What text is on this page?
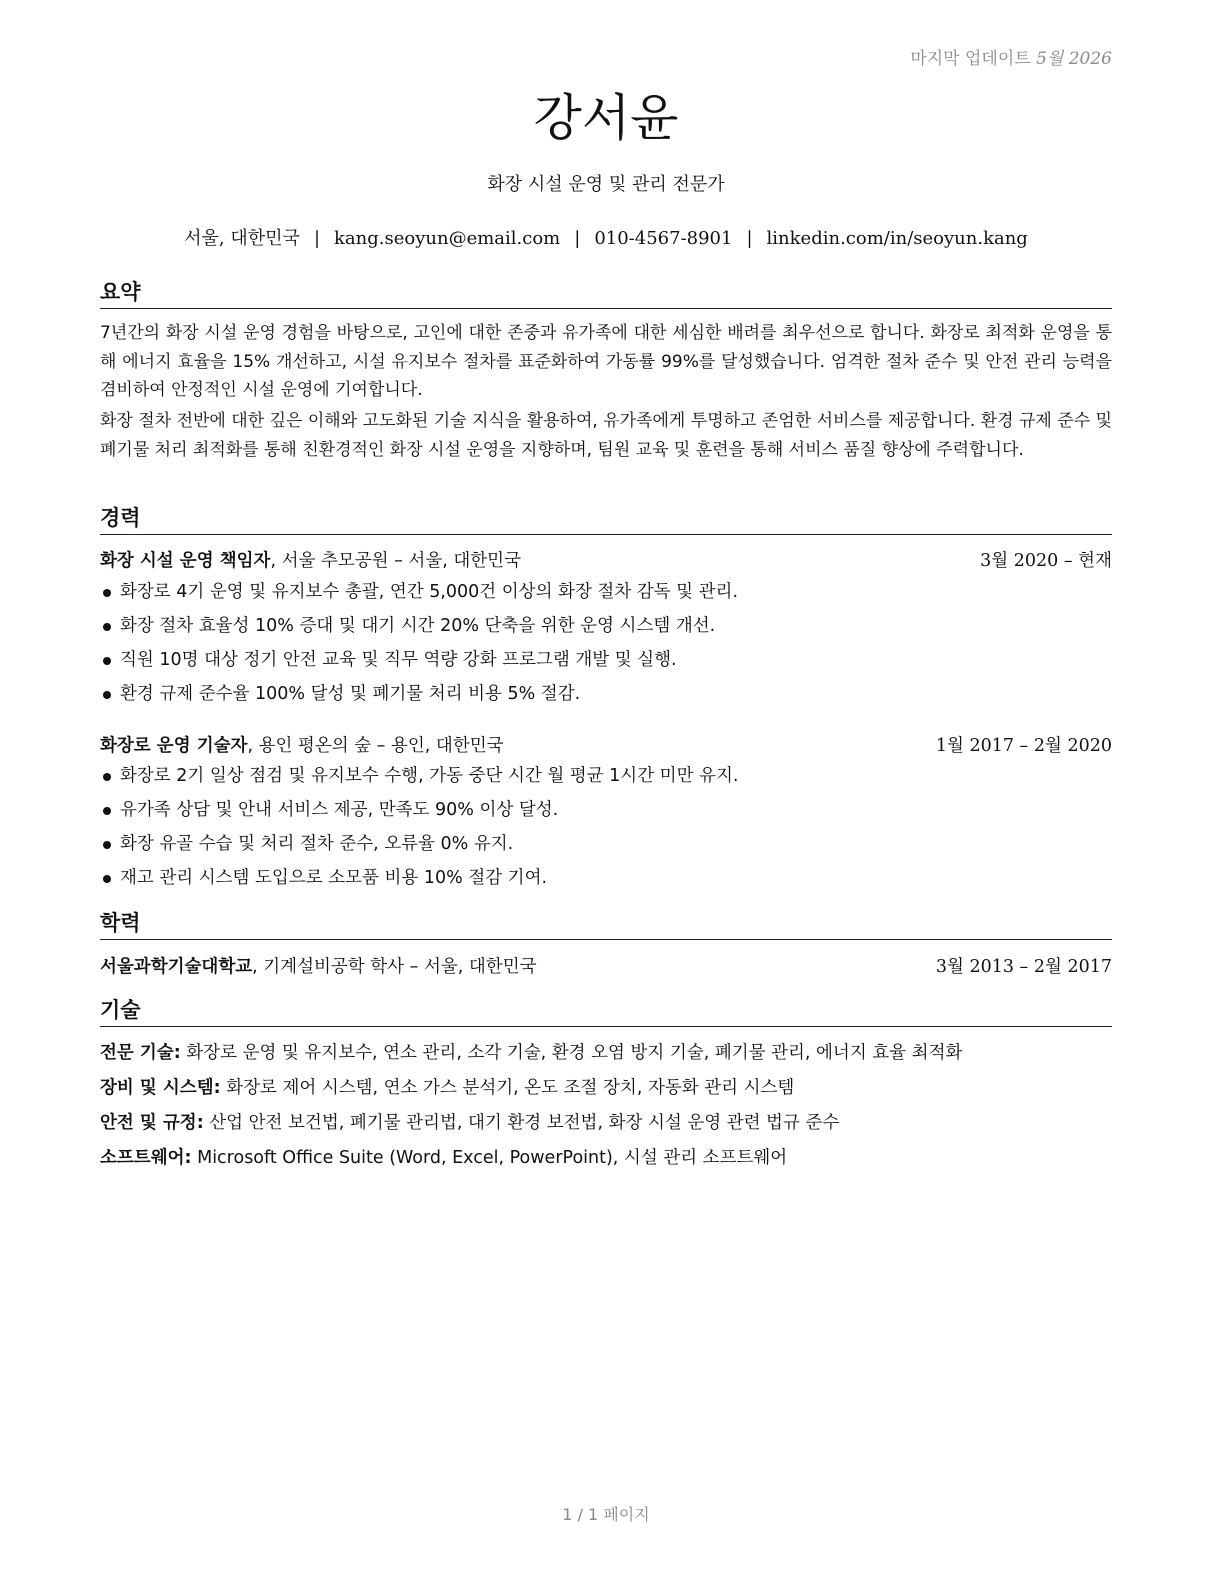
마지막 업데이트 5월 2026
강서윤
화장 시설 운영 및 관리 전문가
서울, 대한민국 | kang.seoyun@email.com | 010-4567-8901 | linkedin.com/in/seoyun.kang
요약

7년간의 화장 시설 운영 경험을 바탕으로, 고인에 대한 존중과 유가족에 대한 세심한 배려를 최우선으로 합니다. 화장로 최적화 운영을 통해 에너지 효율을 15% 개선하고, 시설 유지보수 절차를 표준화하여 가동률 99%를 달성했습니다. 엄격한 절차 준수 및 안전 관리 능력을 겸비하여 안정적인 시설 운영에 기여합니다.

화장 절차 전반에 대한 깊은 이해와 고도화된 기술 지식을 활용하여, 유가족에게 투명하고 존엄한 서비스를 제공합니다. 환경 규제 준수 및 폐기물 처리 최적화를 통해 친환경적인 화장 시설 운영을 지향하며, 팀원 교육 및 훈련을 통해 서비스 품질 향상에 주력합니다.

경력
화장 시설 운영 책임자, 서울 추모공원 – 서울, 대한민국	3월 2020 – 현재
화장로 4기 운영 및 유지보수 총괄, 연간 5,000건 이상의 화장 절차 감독 및 관리.
화장 절차 효율성 10% 증대 및 대기 시간 20% 단축을 위한 운영 시스템 개선.
직원 10명 대상 정기 안전 교육 및 직무 역량 강화 프로그램 개발 및 실행.
환경 규제 준수율 100% 달성 및 폐기물 처리 비용 5% 절감.
화장로 운영 기술자, 용인 평온의 숲 – 용인, 대한민국	1월 2017 – 2월 2020
화장로 2기 일상 점검 및 유지보수 수행, 가동 중단 시간 월 평균 1시간 미만 유지.
유가족 상담 및 안내 서비스 제공, 만족도 90% 이상 달성.
화장 유골 수습 및 처리 절차 준수, 오류율 0% 유지.
재고 관리 시스템 도입으로 소모품 비용 10% 절감 기여.
학력
서울과학기술대학교, 기계설비공학 학사 – 서울, 대한민국	3월 2013 – 2월 2017
기술
전문 기술: 화장로 운영 및 유지보수, 연소 관리, 소각 기술, 환경 오염 방지 기술, 폐기물 관리, 에너지 효율 최적화
장비 및 시스템: 화장로 제어 시스템, 연소 가스 분석기, 온도 조절 장치, 자동화 관리 시스템
안전 및 규정: 산업 안전 보건법, 폐기물 관리법, 대기 환경 보전법, 화장 시설 운영 관련 법규 준수
소프트웨어: Microsoft Office Suite (Word, Excel, PowerPoint), 시설 관리 소프트웨어
1 / 1 페이지
